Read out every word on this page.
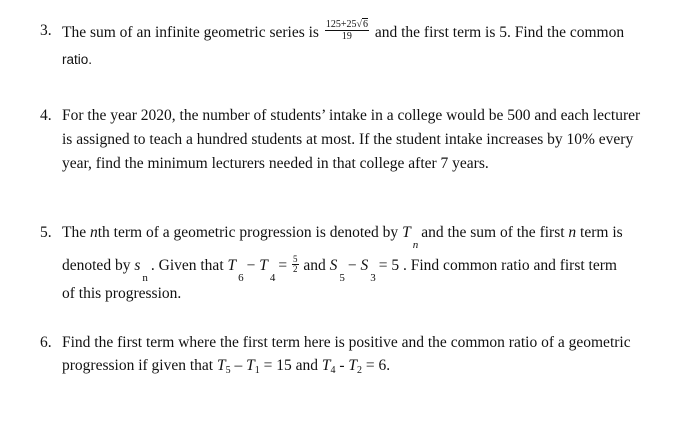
3. The sum of an infinite geometric series is $\frac{125+25√6}{19}$ and the first term is 5. Find the common
ratio.
4. For the year 2020, the number of students’ intake in a college would be 500 and each lecturer
is assigned to teach a hundred students at most. If the student intake increases by 10% every
year, find the minimum lecturers needed in that college after 7 years.
5. The nth term of a geometric progression is denoted by Tnand the sum of the first n term is
denoted by sn. Given that $T6- T4= \frac{5}{2}$ and S5− S3= 5 . Find common ratio and first term
of this progression.
6. Find the first term where the first term here is positive and the common ratio of a geometric
progression if given that T5 – T1 = 15 and T4 - T2 = 6.
